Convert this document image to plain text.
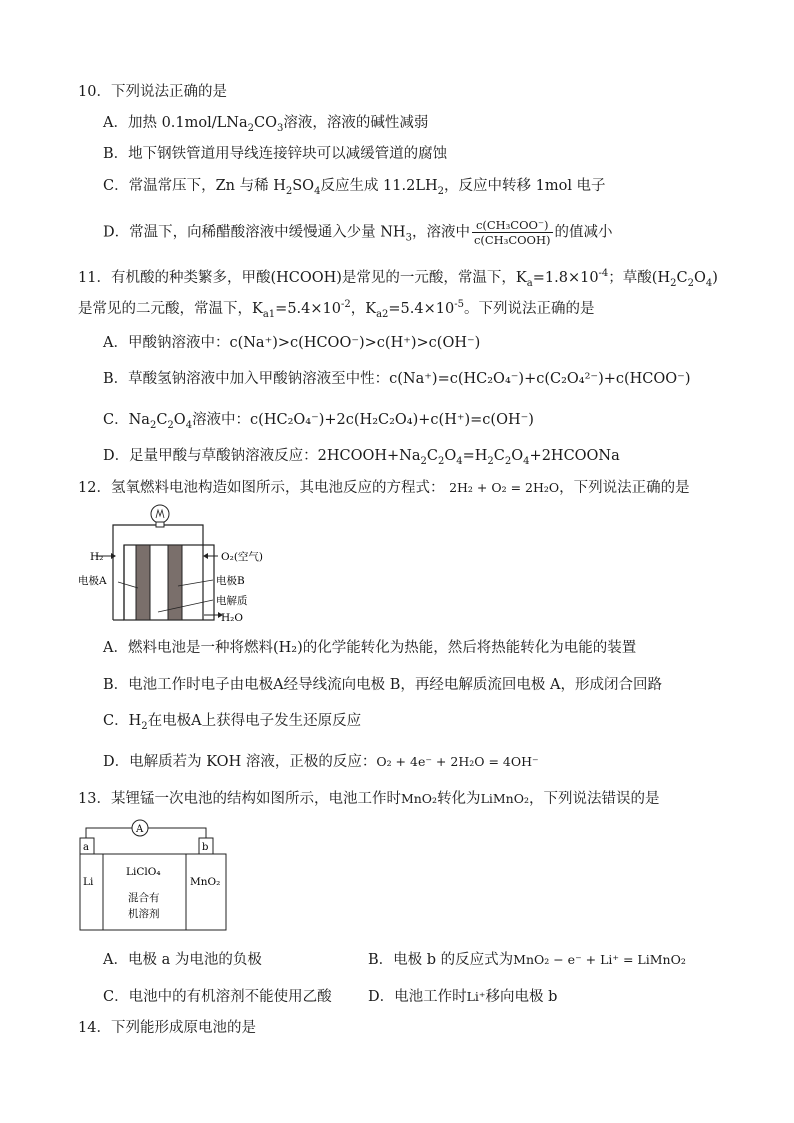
10．下列说法正确的是
A．加热 $0.1mol/LNa_2CO_3$溶液，溶液的碱性减弱
B．地下钢铁管道用导线连接锌块可以减缓管道的腐蚀
C．常温常压下，Zn 与稀 $H_2SO_4$反应生成 $11.2LH_2$，反应中转移 1mol 电子
D．常温下，向稀醋酸溶液中缓慢通入少量 $NH_3$，溶液中 $\frac{\text{c(CH₃COO⁻)}}{\text{c(CH₃COOH)}}$ 的值减小
11．有机酸的种类繁多，甲酸(HCOOH)是常见的一元酸，常温下，$K_a=1.8\times 10^{-4}$；草酸$(H_2C_2O_4)$
是常见的二元酸，常温下，$K_{a1}=5.4\times 10^{-2}$，$K_{a2}=5.4\times 10^{-5}$。下列说法正确的是
A．甲酸钠溶液中：c(Na⁺)>c(HCOO⁻)>c(H⁺)>c(OH⁻)
B．草酸氢钠溶液中加入甲酸钠溶液至中性：c(Na⁺)=c(HC₂O₄⁻)+c(C₂O₄²⁻)+c(HCOO⁻)
C．$Na_2C_2O_4$溶液中：c(HC₂O₄⁻)+2c(H₂C₂O₄)+c(H⁺)=c(OH⁻)
D．足量甲酸与草酸钠溶液反应：$2HCOOH+Na_2C_2O_4=H_2C_2O_4+2HCOONa$
12．氢氧燃料电池构造如图所示，其电池反应的方程式： 2H₂ + O₂ = 2H₂O，下列说法正确的是
H₂	O₂(空气)
电极A	电极B
电解质
H₂O
A．燃料电池是一种将燃料(H₂)的化学能转化为热能，然后将热能转化为电能的装置
B．电池工作时电子由电极A经导线流向电极 B，再经电解质流回电极 A，形成闭合回路
C．$H_2$在电极A上获得电子发生还原反应
D．电解质若为 KOH 溶液，正极的反应：O₂ + 4e⁻ + 2H₂O = 4OH⁻
13．某锂锰一次电池的结构如图所示，电池工作时MnO₂转化为LiMnO₂，下列说法错误的是
A
a	b
Li
LiClO₄
混合有
机溶剂
MnO₂
A．电极 a 为电池的负极	B．电极 b 的反应式为MnO₂ − e⁻ + Li⁺ = LiMnO₂
C．电池中的有机溶剂不能使用乙酸	D．电池工作时Li⁺移向电极 b
14．下列能形成原电池的是
